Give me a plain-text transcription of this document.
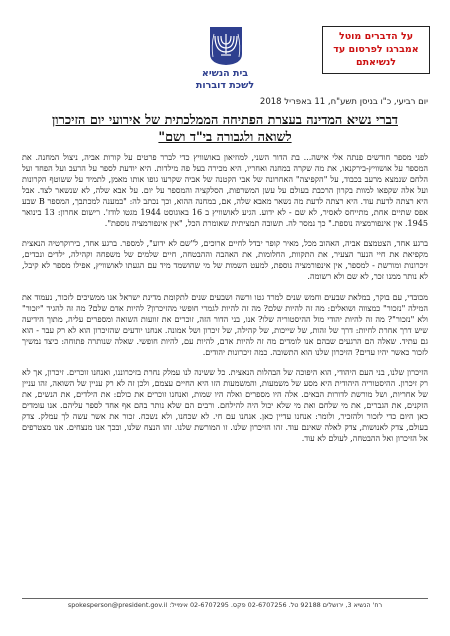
בית הנשיא
לשכת דוברות
על הדברים מוטל
אמברגו לפרסום עד
לנשיאתם
יום רביעי, כ"ו בניסן תשע"ח, 11 באפריל 2018
דברי נשיא המדינה בעצרת הפתיחה הממלכתית של אירועי יום הזיכרון
לשואה ולגבורה בי"ד ושם"

לפני מספר חודשים פנתה אלי אישה... בת הדור השני, למוזיאון באושוויץ כדי לברר פרטים על קורות אביה, ניצול המחנה. את המספר על אושוויץ-בירקנאו, את מה שקרה במחנה ואחריו, היא מכירה בעל פה מילדות. היא יודעת לספר על הרעב ועל הפחד ועל הלחם שנמצא מרעב בכבוד, על "הקפיצה" האחרונה של אבי הקטנה של אביה שקרעו גופו אותו מאמן, לתמיד על ששוטף הקרונות ועל אלה שקפאו למוות בקרון הרכבת בעולם על עשן המשרפות, הסלקציה והמספר על יום. על אבא שלה, לא שנשאר לצד. אבל היא רצתה לדעת עוד. היא רצתה לדעת מה נשאר מאבא שלה, אם, במחנה ההוא, וכך נכתב לה: "במענה למכתבך, המספר B שבע אפס שתיים אחת, מתייחס לאסיר, לא שם - לא ידוע. הגיע לאושוויץ ב 16 באוגוסט 1944 מגטו לודז'. רישום אחרון: 13 בינואר 1945. אין אינפורמציה נוספת." כך נמסר לה. תשובה תמציתית שאומרת הכל, "אין אינפורמציה נוספת".

ברגע אחד, הצטמצם אביה, האהוב מכל, מאיר קופר יבדל לחיים ארוכים, ל"שם לא ידוע", למספר. ברגע אחד, בירוקרטיה הנאצית מקפיאת את חיי הנער הצעיר, את התקוות, החלומות, את האהבה וההבטחה, חיים שלמים של משפחה וקהילה, ילדים ונכדים, זיכרונות ומורשת - למספר, אין אינפורמציה נוספת, למעט השמות של מי שהושמד מיד עם הגעתו לאושוויץ, אפילו מספר לא קיבל, לא נותר ממנו זכר, לא שם ולא רשומה.

מכובדי, עם בוקר, במלאת שבעים וחמש שנים למרד גטו ורשה ושבעים שנים לתקומת מדינת ישראל אנו ממשיכים לזכור, נעמוד את המילה "נזכור" כמצווה ושואלים: מה זה להיות שלם? מה זה להיות לגמרי חופשי מהזיכרון? להיות אדם שלם? מה זה להגיד "יזכור" ולא "נזכור"? מה זה להיות יהודי מול ההיסטוריה שלו? אנו, בני הדור הזה, זוכרים את זוועות השואה ומספרים עליה, מתוך הידיעה שיש דרך אחרת לחיות: דרך של זהות, של שייכות, של קהילה, של זיכרון ושל אמונה. אנחנו יודעים שהזיכרון הוא לא רק עבר - הוא גם עתיד. שאלה הם הרגעים שבהם אנו לומדים מה זה להיות אדם, להיות עם, להיות חופשי. שאלה שנותרה פתוחה: כיצד נמשיך לזכור כאשר יהיו עדים? הזיכרון שלנו הוא התשובה. כמה זיכרונות יהודים.

הזיכרון שלנו, בני העם היהודי, הוא היפוכה של הבהלות הנאצית. כל ששינה לנו עמלק נחרת בזיכרוננו, ואנחנו זוכרים. זיכרון, אך לא רק זיכרון. ההיסטוריה היהודית היא מסע של משמעות, והמשמעות הזו היא החיים עצמם, ולכן זה לא רק עניין של השואה, זהו עניין של אחריות, ושל מורשת לדורות הבאים. אלה היו מספרים ואלה היו שמות, ואנחנו זוכרים את כולם: את הילדים, את הנשים, את הזקנים, את הגברים, את מי שלחם ואת מי שלא יכול היה להילחם. ורבים הם שלא נותר בהם אף אחד לספר עליהם. אנו עומדים כאן היום כדי לזכור ולהזכיר, ולומר: אנחנו עדיין כאן. אנחנו עם חי. לא שכחנו, ולא נשכח. זכור את אשר עשה לך עמלק. צדק בעולם, צדק לאנושות, צדק לאלה שאינם עוד. זהו הזיכרון שלנו. זו המורשת שלנו. זהו הנצח שלנו, ובכך אנו מנצחים. אנו מצטרפים אל הזיכרון ואל ההבטחה, לעולם לא עוד.

רח' הנשיא 3, ירושלים 92188 טל. 02-6707256 פקס. 02-6707295 אימייל: spokesperson@president.gov.il
